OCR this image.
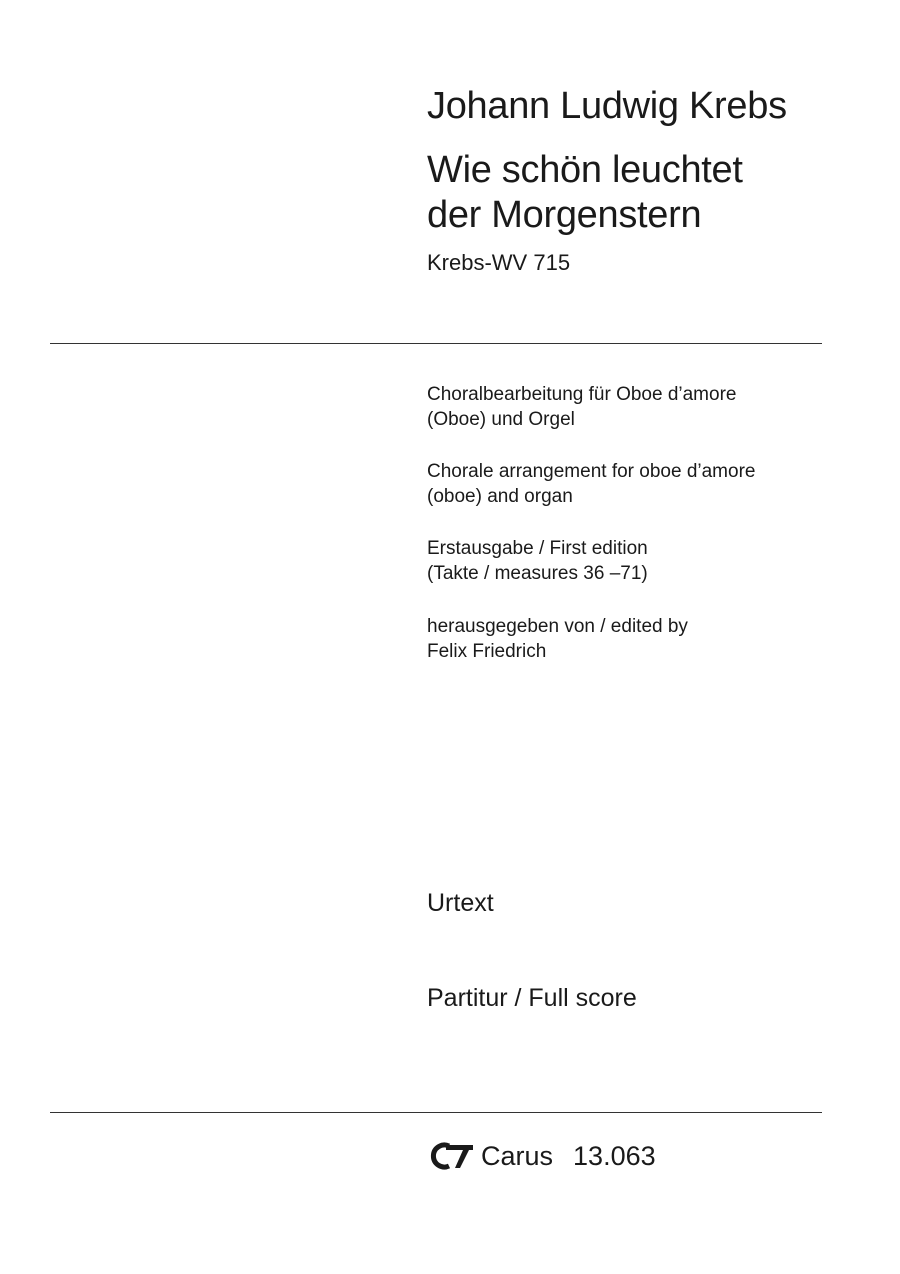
Johann Ludwig Krebs
Wie schön leuchtet
der Morgenstern
Krebs-WV 715
Choralbearbeitung für Oboe d’amore
(Oboe) und Orgel
Chorale arrangement for oboe d’amore
(oboe) and organ
Erstausgabe / First edition
(Takte / measures 36 –71)
herausgegeben von / edited by
Felix Friedrich
Urtext
Partitur / Full score
Carus 13.063
